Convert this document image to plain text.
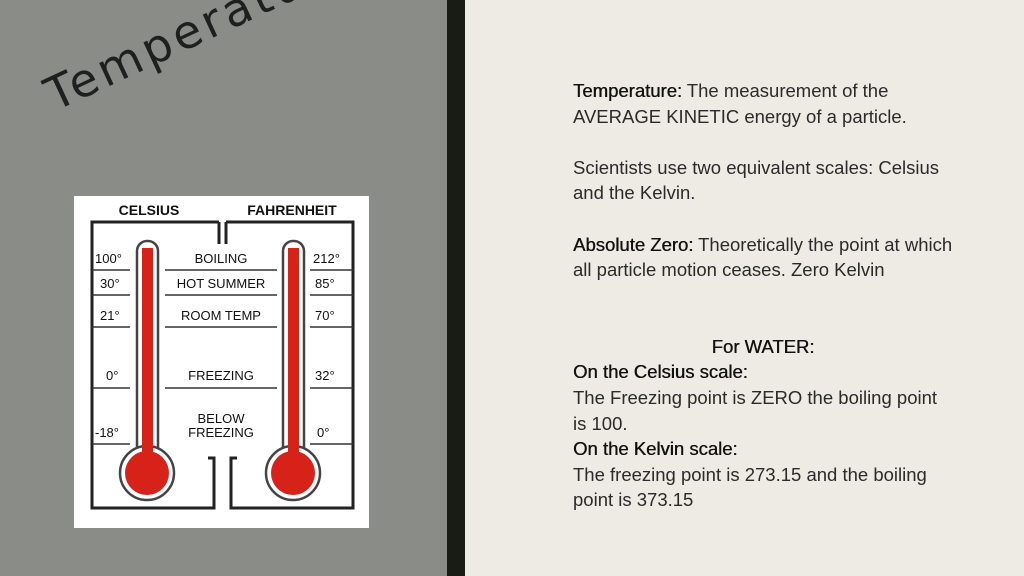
CELSIUS	FAHRENHEIT
100°	BOILING	212°
30°	HOT SUMMER	85°
21°	ROOM TEMP	70°
0°	FREEZING	32°
BELOW
-18°	FREEZING	0°

Temperature: The measurement of the AVERAGE KINETIC energy of a particle.

Scientists use two equivalent scales: Celsius and the Kelvin.

Absolute Zero: Theoretically the point at which all particle motion ceases. Zero Kelvin

For WATER:

On the Celsius scale:

The Freezing point is ZERO the boiling point is 100.

On the Kelvin scale:

The freezing point is 273.15 and the boiling point is 373.15
